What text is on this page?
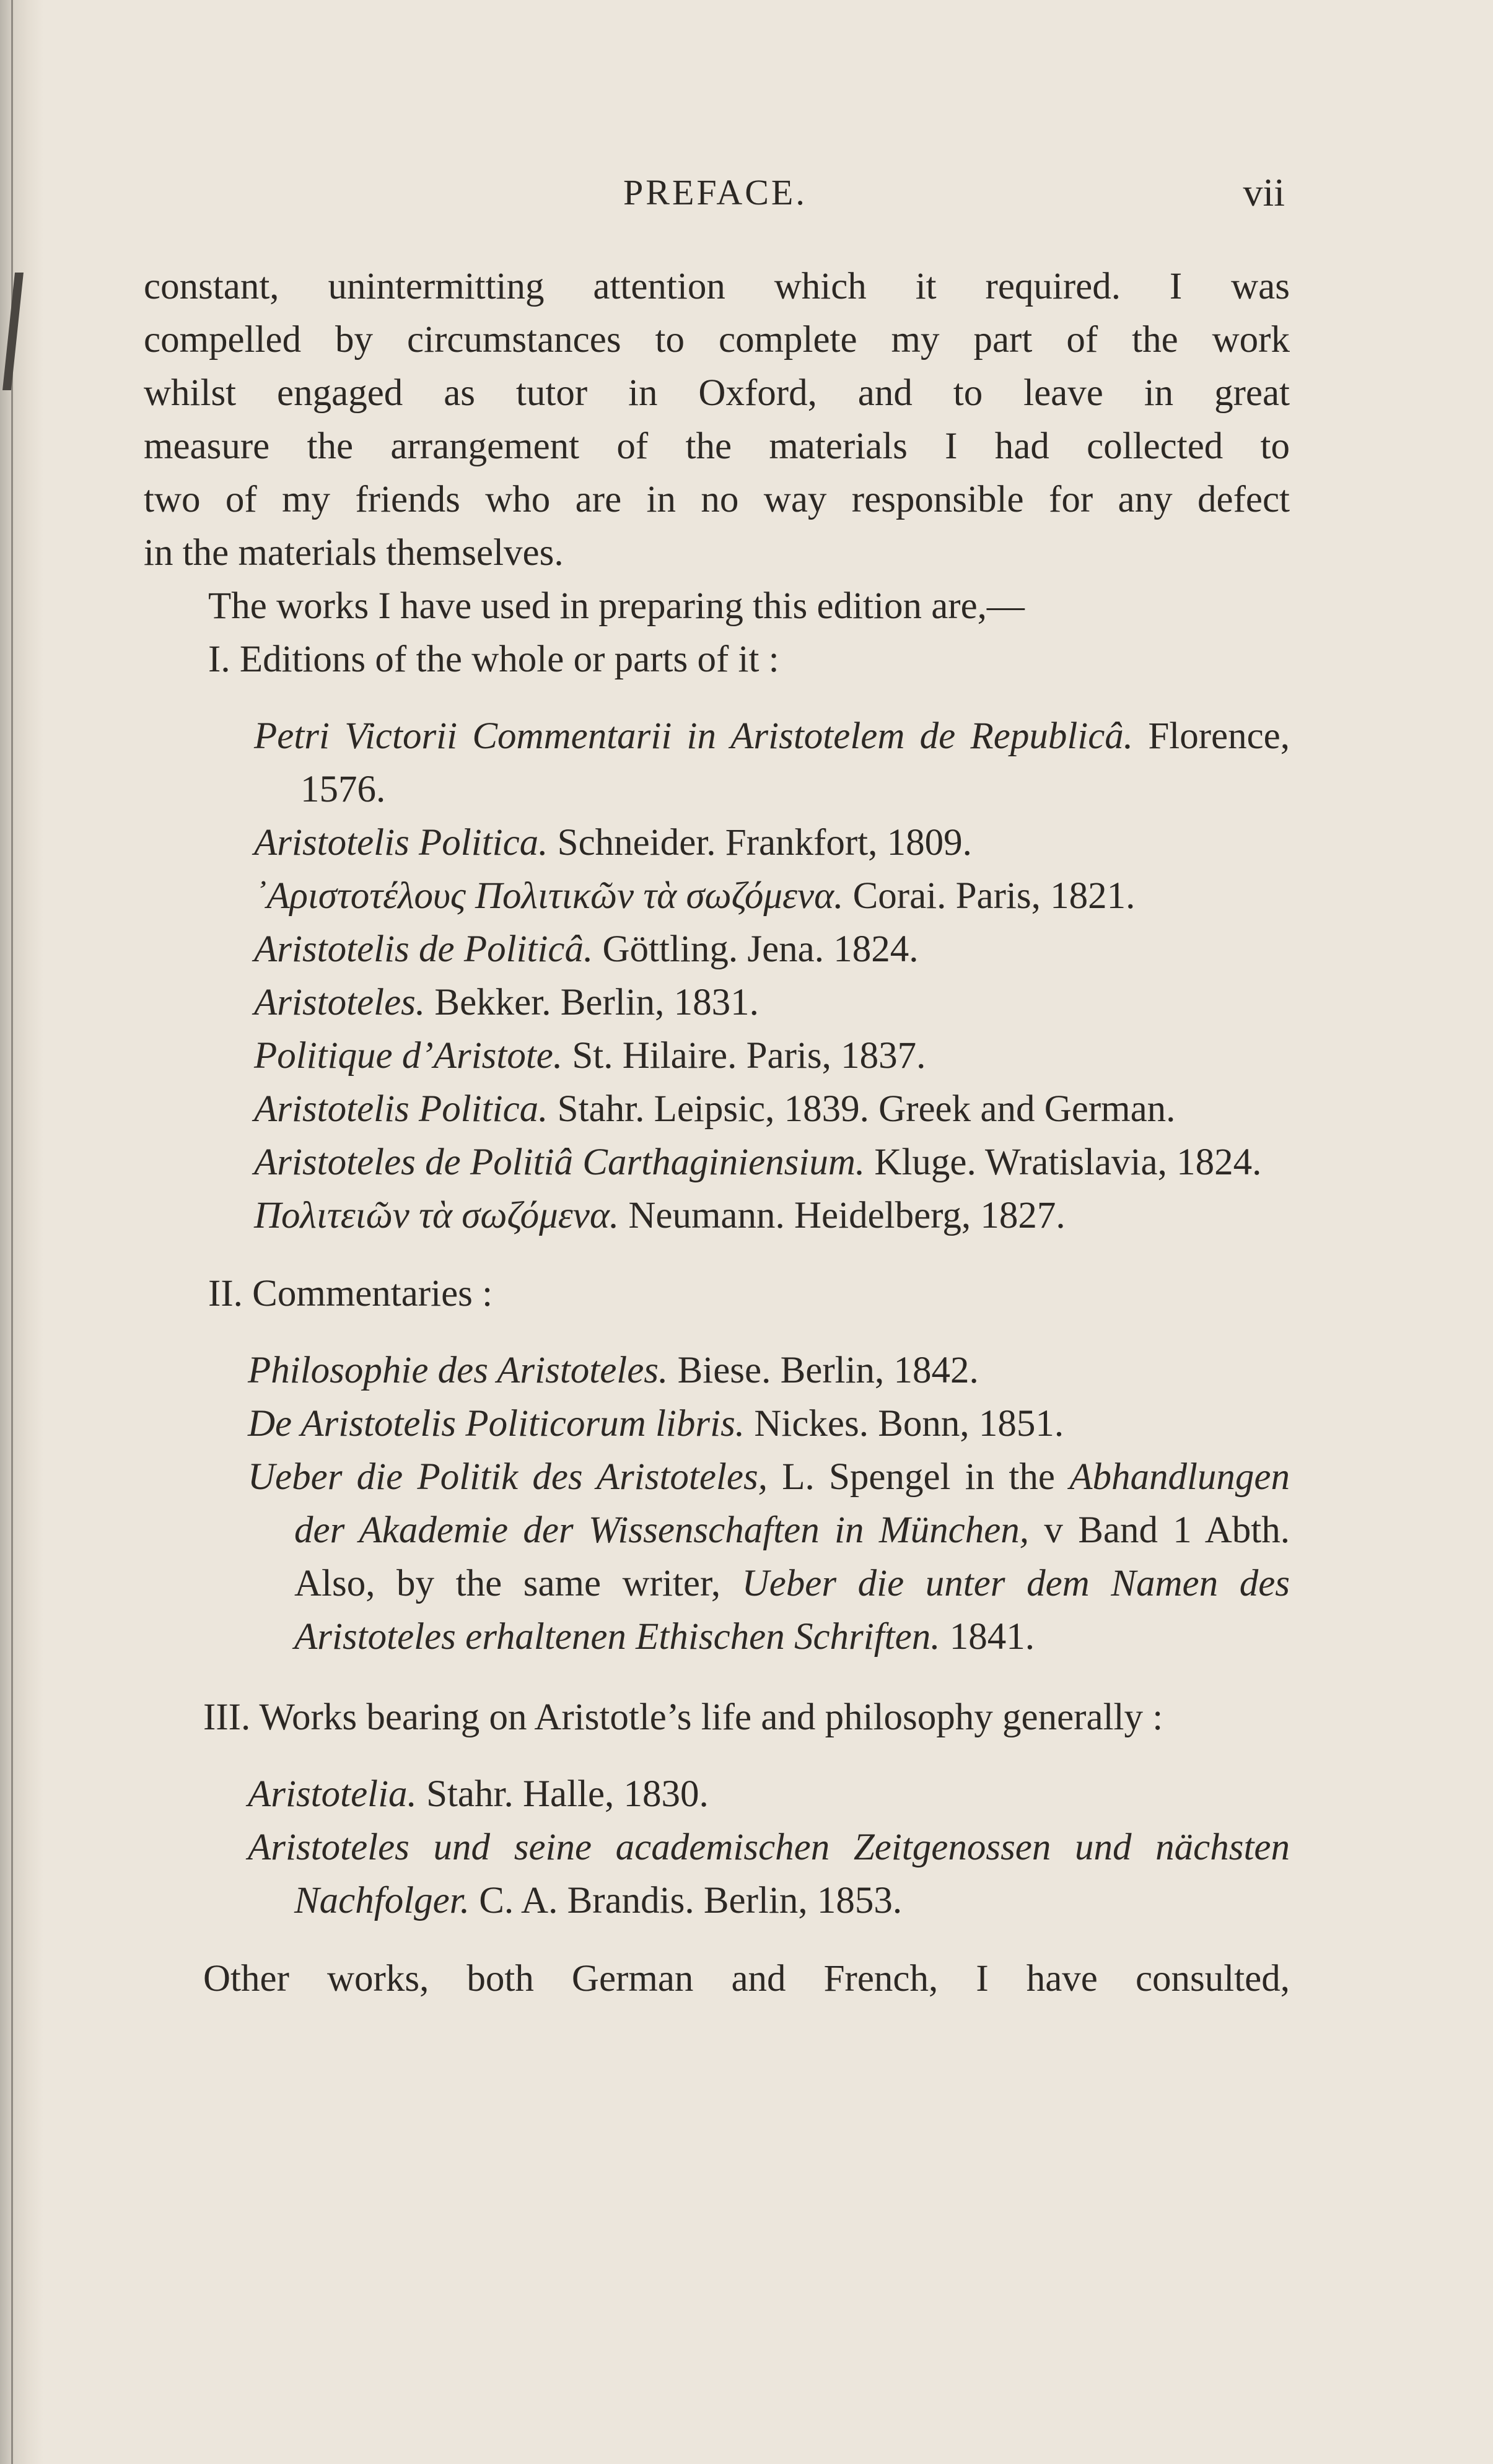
PREFACE.	vii

constant, unintermitting attention which it required. I was

compelled by circumstances to complete my part of the work

whilst engaged as tutor in Oxford, and to leave in great

measure the arrangement of the materials I had collected to

two of my friends who are in no way responsible for any defect

in the materials themselves.

The works I have used in preparing this edition are,—

I. Editions of the whole or parts of it :

Petri Victorii Commentarii in Aristotelem de Republicâ. Florence, 1576.

Aristotelis Politica. Schneider. Frankfort, 1809.

᾽Αριστοτέλους Πολιτικῶν τὰ σωζόμενα. Corai. Paris, 1821.

Aristotelis de Politicâ. Göttling. Jena. 1824.

Aristoteles. Bekker. Berlin, 1831.

Politique d’Aristote. St. Hilaire. Paris, 1837.

Aristotelis Politica. Stahr. Leipsic, 1839. Greek and German.

Aristoteles de Politiâ Carthaginiensium. Kluge. Wratislavia, 1824.

Πολιτειῶν τὰ σωζόμενα. Neumann. Heidelberg, 1827.

II. Commentaries :

Philosophie des Aristoteles. Biese. Berlin, 1842.

De Aristotelis Politicorum libris. Nickes. Bonn, 1851.

Ueber die Politik des Aristoteles, L. Spengel in the Abhandlungen der Akademie der Wissenschaften in München, v Band 1 Abth. Also, by the same writer, Ueber die unter dem Namen des Aristoteles erhaltenen Ethischen Schriften. 1841.

III. Works bearing on Aristotle’s life and philosophy generally :

Aristotelia. Stahr. Halle, 1830.

Aristoteles und seine academischen Zeitgenossen und nächsten Nachfolger. C. A. Brandis. Berlin, 1853.

Other works, both German and French, I have consulted,
